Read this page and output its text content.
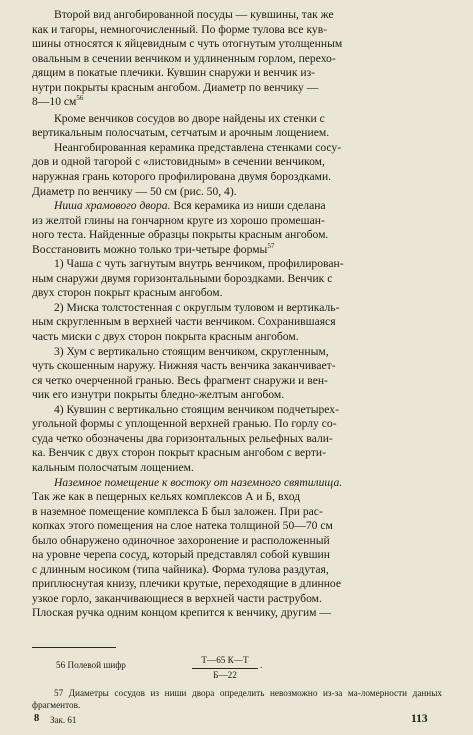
Второй вид ангобированной посуды — кувшины, так же
как и тагоры, немногочисленный. По форме тулова все кув-
шины относятся к яйцевидным с чуть отогнутым утолщенным
овальным в сечении венчиком и удлиненным горлом, перехо-
дящим в покатые плечики. Кувшин снаружи и венчик из-
нутри покрыты красным ангобом. Диаметр по венчику —
8—10 $см^{56}$

Кроме венчиков сосудов во дворе найдены их стенки с
вертикальным полосчатым, сетчатым и арочным лощением.

Неангобированная керамика представлена стенками сосу-
дов и одной тагорой с «листовидным» в сечении венчиком,
наружная грань которого профилирована двумя бороздками.
Диаметр по венчику — 50 см (рис. 50, 4).

Ниша храмового двора. Вся керамика из ниши сделана
из желтой глины на гончарном круге из хорошо промешан-
ного теста. Найденные образцы покрыты красным ангобом.
Восстановить можно только три-четыре формы$^{57}$

1) Чаша с чуть загнутым внутрь венчиком, профилирован-
ным снаружи двумя горизонтальными бороздками. Венчик с
двух сторон покрыт красным ангобом.

2) Миска толстостенная с округлым туловом и вертикаль-
ным скругленным в верхней части венчиком. Сохранившаяся
часть миски с двух сторон покрыта красным ангобом.

3) Хум с вертикально стоящим венчиком, скругленным,
чуть скошенным наружу. Нижняя часть венчика заканчивает-
ся четко очерченной гранью. Весь фрагмент снаружи и вен-
чик его изнутри покрыты бледно-желтым ангобом.

4) Кувшин с вертикально стоящим венчиком подчетырех-
угольной формы с уплощенной верхней гранью. По горлу со-
суда четко обозначены два горизонтальных рельефных вали-
ка. Венчик с двух сторон покрыт красным ангобом с верти-
кальным полосчатым лощением.

Наземное помещение к востоку от наземного святилища.
Так же как в пещерных кельях комплексов А и Б, вход
в наземное помещение комплекса Б был заложен. При рас-
копках этого помещения на слое натека толщиной 50—70 см
было обнаружено одиночное захоронение и расположенный
на уровне черепа сосуд, который представлял собой кувшин
с длинным носиком (типа чайника). Форма тулова раздутая,
приплюснутая книзу, плечики крутые, переходящие в длинное
узкое горло, заканчивающиеся в верхней части раструбом.
Плоская ручка одним концом крепится к венчику, другим —

56 Полевой шифр	Т—65 К—Т
Б—22
.
57 Диаметры сосудов из ниши двора определить невозможно из-за ма-ломерности данных фрагментов.
8 Зак. 61	113
